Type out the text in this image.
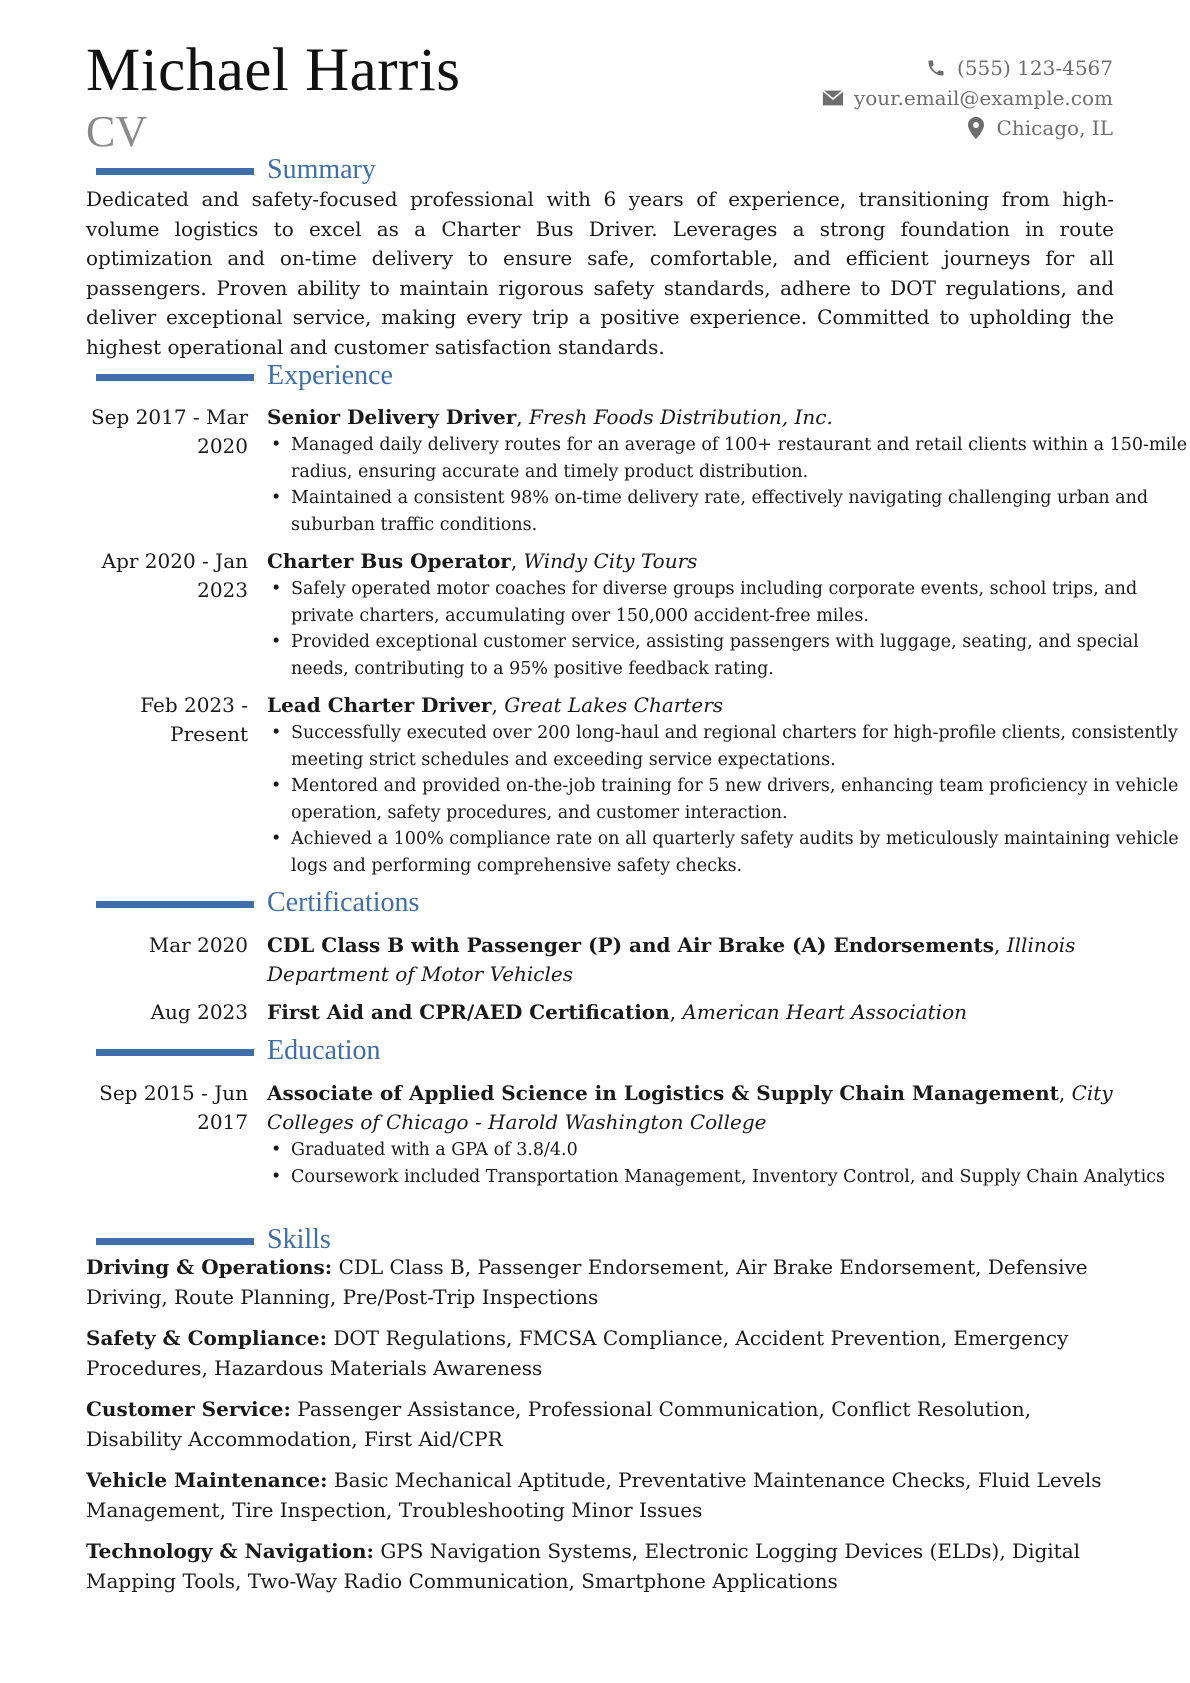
Michael Harris
CV
(555) 123-4567
your.email@example.com
Chicago, IL
Summary
Dedicated and safety-focused professional with 6 years of experience, transitioning from high-volume logistics to excel as a Charter Bus Driver. Leverages a strong foundation in route optimization and on-time delivery to ensure safe, comfortable, and efficient journeys for all passengers. Proven ability to maintain rigorous safety standards, adhere to DOT regulations, and deliver exceptional service, making every trip a positive experience. Committed to upholding the highest operational and customer satisfaction standards.
Experience
Sep 2017 - Mar 2020
Senior Delivery Driver, Fresh Foods Distribution, Inc.
• Managed daily delivery routes for an average of 100+ restaurant and retail clients within a 150-mile radius, ensuring accurate and timely product distribution.
• Maintained a consistent 98% on-time delivery rate, effectively navigating challenging urban and suburban traffic conditions.
Apr 2020 - Jan 2023
Charter Bus Operator, Windy City Tours
• Safely operated motor coaches for diverse groups including corporate events, school trips, and private charters, accumulating over 150,000 accident-free miles.
• Provided exceptional customer service, assisting passengers with luggage, seating, and special needs, contributing to a 95% positive feedback rating.
Feb 2023 - Present
Lead Charter Driver, Great Lakes Charters
• Successfully executed over 200 long-haul and regional charters for high-profile clients, consistently meeting strict schedules and exceeding service expectations.
• Mentored and provided on-the-job training for 5 new drivers, enhancing team proficiency in vehicle operation, safety procedures, and customer interaction.
• Achieved a 100% compliance rate on all quarterly safety audits by meticulously maintaining vehicle logs and performing comprehensive safety checks.
Certifications
Mar 2020 CDL Class B with Passenger (P) and Air Brake (A) Endorsements, Illinois Department of Motor Vehicles
Aug 2023 First Aid and CPR/AED Certification, American Heart Association
Education
Sep 2015 - Jun 2017
Associate of Applied Science in Logistics & Supply Chain Management, City Colleges of Chicago - Harold Washington College
• Graduated with a GPA of 3.8/4.0
• Coursework included Transportation Management, Inventory Control, and Supply Chain Analytics
Skills
Driving & Operations: CDL Class B, Passenger Endorsement, Air Brake Endorsement, Defensive Driving, Route Planning, Pre/Post-Trip Inspections
Safety & Compliance: DOT Regulations, FMCSA Compliance, Accident Prevention, Emergency Procedures, Hazardous Materials Awareness
Customer Service: Passenger Assistance, Professional Communication, Conflict Resolution, Disability Accommodation, First Aid/CPR
Vehicle Maintenance: Basic Mechanical Aptitude, Preventative Maintenance Checks, Fluid Levels Management, Tire Inspection, Troubleshooting Minor Issues
Technology & Navigation: GPS Navigation Systems, Electronic Logging Devices (ELDs), Digital Mapping Tools, Two-Way Radio Communication, Smartphone Applications
